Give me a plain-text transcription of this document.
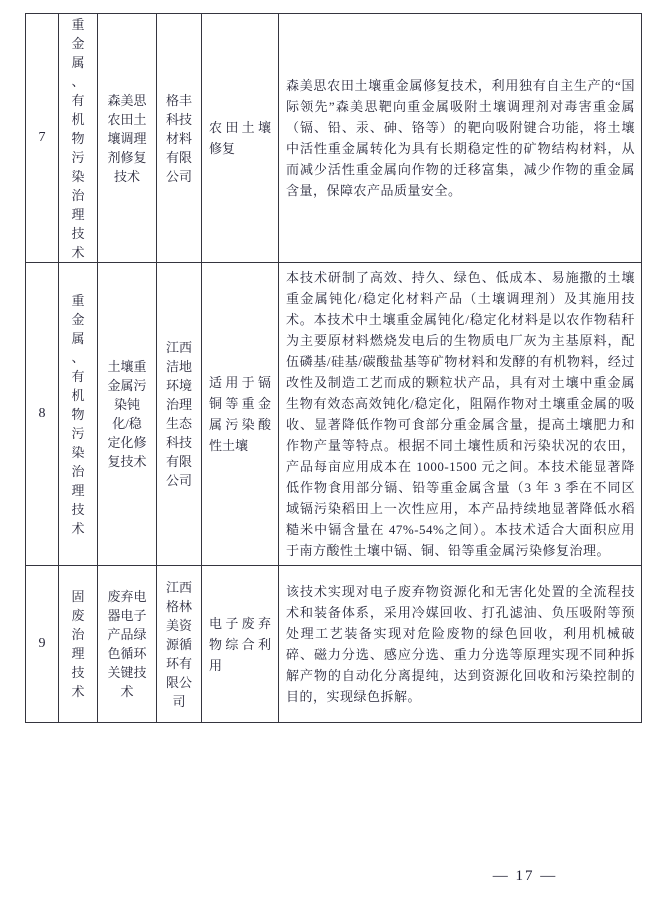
7	重金属、有机物污染治理技术	森美思农田土壤调理剂修复技术	格丰科技材料有限公司	农田土壤修复	森美思农田土壤重金属修复技术，利用独有自主生产的“国际领先”森美思靶向重金属吸附土壤调理剂对毒害重金属（镉、铅、汞、砷、铬等）的靶向吸附键合功能，将土壤中活性重金属转化为具有长期稳定性的矿物结构材料，从而减少活性重金属向作物的迁移富集，减少作物的重金属含量，保障农产品质量安全。

8	重金属、有机物污染治理技术	土壤重金属污染钝化/稳定化修复技术	江西洁地环境治理生态科技有限公司	适用于镉铜等重金属污染酸性土壤	本技术研制了高效、持久、绿色、低成本、易施撒的土壤重金属钝化/稳定化材料产品（土壤调理剂）及其施用技术。本技术中土壤重金属钝化/稳定化材料是以农作物秸秆为主要原材料燃烧发电后的生物质电厂灰为主基原料，配伍磷基/硅基/碳酸盐基等矿物材料和发酵的有机物料，经过改性及制造工艺而成的颗粒状产品，具有对土壤中重金属生物有效态高效钝化/稳定化，阻隔作物对土壤重金属的吸收、显著降低作物可食部分重金属含量，提高土壤肥力和作物产量等特点。根据不同土壤性质和污染状况的农田，产品每亩应用成本在 1000-1500 元之间。本技术能显著降低作物食用部分镉、铅等重金属含量（3 年 3 季在不同区域镉污染稻田上一次性应用，本产品持续地显著降低水稻糙米中镉含量在 47%-54%之间）。本技术适合大面积应用于南方酸性土壤中镉、铜、铅等重金属污染修复治理。

9	固废治理技术	废弃电器电子产品绿色循环关键技术	江西格林美资源循环有限公司	电子废弃物综合利用	该技术实现对电子废弃物资源化和无害化处置的全流程技术和装备体系，采用冷媒回收、打孔滤油、负压吸附等预处理工艺装备实现对危险废物的绿色回收，利用机械破碎、磁力分选、感应分选、重力分选等原理实现不同种拆解产物的自动化分离提纯，达到资源化回收和污染控制的目的，实现绿色拆解。
— 17 —
